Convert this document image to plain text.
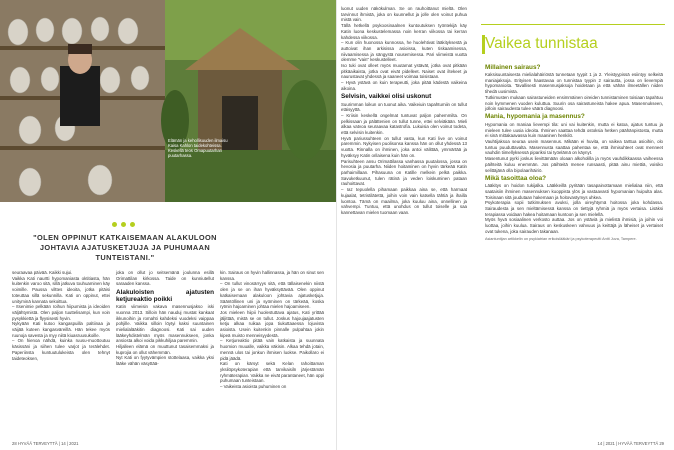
Elämän ja kehollisuuden ilmaisu Kaisa Kahlon taidekohteissa. Keskellä teos Omapuutarhan puutarhassa.
"OLEN OPPINUT KATKAISEMAAN ALAKULOON JOHTAVIA AJATUSKETJUJA JA PUHUMAAN TUNTEISTANI."

seuraavaa päivää. Kaikki sujui.

Vaikka Kati naurtti hypomaniasta oktitiasta, hän kuitenkin varoo sitä, sillä jatkuva touhuaminen käy voimille. Paussa vilttes ideoita, jotka pitäisi toteuttaa sillä sekunnilla. Kati on oppinut, ettei unityminä kannata sekoittua.

– Itsenimie pelkään roihun hiipumista ja ideoiden väljähtymistä. Olen paljon tuuttelisampi, kun voin pysykkiettä ja flyysisesti hyvin.

Nykyään Kati kutoo kangaspuilla paltiinaa ja väijää kuteen kangasväreillä. Hän tekee myös ruunoja savesta ja myy niitä kiuasruusukoille.

– On hienoa nähdä, kuinka ruusu-muottoutuu käsissäni ja siihen tulee varjot ja terälehdet. Paperiinsta kuntuutulukeista olen tehnyt taideteoksen,

joka on ollut jo seitsemänä joulunna esillä Orimattilan kirkossa. Taide on kunniutellut saraaden kanssa.

Alakuloisten ajatusten ketjureaktio poikki

Katin viimeisin vakava masennusjakso iski vuonna 2013. Silloin hän nauduj mustat kankaat ikkunoihin ja romahti kahdeksi vuodeksi vaippaa pohjille. Vaikka silloin löytyi kaksi suuntainen mielialalääkitin diagnoosi. Kati sai uuden lääkeyhdistelmän myös masennukseen, jonka ansiosta alkoi voida pikkuhiljaa paremmin.

Hiljalleen elämä on muuttunut tasaisemmaksi ja kuprojia on ollut vähemmän.

Nyt Kati on fyytyvämpien stottelaasa, vaikka yksi lääke vähän väsyttää-

kin. Sairaus on hyvin hallinnassa, ja hän on sinut sen kanssa.

– On tullut vinosärryys sitä, että tällaisenekin niistä olen ja se on ihan hyväksyttävää. Olen oppinut katkaisemaan alakuloon johtavia ajatusketjuja. Sääntöllinen uni ja syöminen on tärkeää, koska rytmin hajoaminen johtaa mielen hajoamiseen.

Jos mieleen hiipii huolestuttava ajatus, Kati yrittää jäljittää, mistä se on tullut. Joskus hajoujaajatusten ketju alkaa ruikaa jopa tiukuttaaessa lojuvista asioista. Usein kuitenkin pinnalle pulpahtaa jokin kipeä muisto menneisyydestä.

– Ketjureaktio pitää vain katkaista ja suunnata huomion muualle, vaikka väkisin. Alkaa tehdä jotain, mennä ulos tai jonkun ihmisen luokse. Paikollaro ei pidä jäädä.

Kati on kärsyt sekä Kelan rahoittaman yksilöpsykoterapian että tarvikaisiln järjestämän ryhmäterapian. Vaikka ne eivät parantaneet, hän oppi puhumaan tunteistaan.

– Vaikeista asioista puhuminen on

28 HYVÄÄ TERVEYTTÄ | 14 | 2021

luonut uuden näkökulman. Se on rauhoittanut mieltä. Olen tarvinnut ihmistä, joka on kuunnellut ja jolle olen voinut puhua mistä vain.

Tällä hetkellä psykoosinaalnen kuntoutuksen työntekijä käy Katin luona keskustelemassa noin kerran viikossa tai kerran kahdessa viikossa.

– Kun olin huonossa kunnossa, he huolehtivat lääkityksestä ja auttoivat ihan arkisissa asioissa, kuten tiskaamisessa, niivaamisessa ja sängystä nousemisessa. Pari viimeistä vuotta olemme "vain" keskustelleet.

Iso tuki ovat olleet myös muutamat ystävät, jotka ovat pitkään pitkäaikaista, jotka ovat eivät pidelleet. Naiset ovat iltekeet ja naurustavat yhdessä ja saaneet voimaa toisistaan.

– Hyvä ystävä on kuin terapeutti, joka pitää kädestä vaikeina aikoina.

Selvisin, vaikkei olisi uskonut

Suurimman loikun on tuonut aika. Vaikeiuin tapahtumiin on tullut etäisyyttä.

– Kriisin keskellä ongelmat tuntuvat paljon pahemmilta. On pelkissaan ja pälättenien on tullut tunne, ettei selviäkään. Mieli alkaa vatvoa seuraavaa katastrofia. Lukuisia olen voinut todeta, että selvisin kuitenkin.

Hyvä pariussuhteen on tullut vasta, kun Kati live on voinut paremmin. Nykyisen puolisonsa kanssa hän on ollut yhdessä 13 vuotta. Rinnalla on ihminen, joka antoi välittää, ymmärtää ja hyväksyy Katin orilaisena kuin hän on.

Parisuhteen ansu Orimattilassa vanhassa puutalossa, jossa on hevosia ja puutarha. Niiden hoitaminen on hyvin tärkeää Katin parhaimillaan. Pihasuuna on Katille melkein pelkä paikka. Savuketkuunut, tulen rätinä ja veden loiskuminen pataan rauhoittavat.

– Iaz tepuolella pihamaan paikkaa aina se, että harmaat kujaalat, tetristilätettä, joihin voin vain katsella tähtiä ja ihailla luontoa. Tämä on maailma, joka kuuluu aina, onnellinen ja vahvempi. Tuntuu, että unohdus on tullut toiselle ja saa kannettavan mielen tuomaan vaan.

Vaikea tunnistaa
Millainen sairaus?

Kaksisuuntaisesta mielialahäiriöstä tunnetaan tyypit 1 ja 2. Yleistyypissä esiintyy selkeitä maniajaksoja. Erityisen haastavaa on tunnistaa tyypin 2 sairautta, jossa on lievempiä hypomanioita. Tavallisesti masennusjaksoja hoidetaan ja että vähän ilmeetällen niiden tihedä uusimista.

Tutkimusten mukaan sairastuneiden ensimmäinen oireiden tunnistaminen toisiaan tapahtuu noin kymmenen vuoden kuluttua. Suurin osa sairastuneista hakee apua. Masennukseen, jolloin sairaudesta tulee väärä diagnoosi.

Mania, hypomania ja masennus?

Hypomania on maniaa lievempi tila: uni vai kuitenkin, mutta ei katoa, ajatus tuntuu ja mieleen tulee uusia ideoita. Ihminen saattaa tehdä ostoksia hetken päähänpistosta, mutta ei sinä mittakaavassa kuin maaninen henkilö.

Vauhtijaksoa seuraa usein masennus. Mikään ei huvita, on vaikea tarttua asioihin, olo tuntuu puuduttavalta. Masennusta saattaa pahentaa se, että ihmisuhteet ovat menneet vauhdin tiimellyksessä pipariksi tai työelämä on käynyt.

Masentunut pyrki joskus lievittämään oloaan alkoholilla ja myös vauhdikkaassa vaiheessa päihteitä kuluu enemmän. Jos päihteitä menee runsaasti, pitää ainu miettiä, voisiko selittäjänä olla bipolaarihäiriö.

Mikä tasoittaa oloa?

Lääkitys on hoidon tukijalka. Lääkkeillä pyritään tasapainottamaan mielialaa niin, että saataisiin ihminen masennuksen kuoppista ylös ja vastaavasti hypomanian huipulta alas. Toisinaan sitä joudutaan hakemaan ja hoitovastymys uhkea.

Psykoterapia sopii tutkimuksen avuksi, jolla oireyhtymä hoitossa joka kohdassa. Sairaudesta ja sen mieltämisessä kanssa on tiettyjä ryhmiä ja myös vertaisa. Lisäksi terapiassa voidaan hakea hoitamaan kuntoon ja sen mielellä.

Myös hyvä sosiaalinen verkosto auttaa. Jos on ystäviä ja mielistä ihmisiä, ja joihin voi luottaa, joihin kuulua. Sairaus on keskuskeen vahvuus ja keittäjä ja läheiset ja vertaiset ovat tukena, joka sairauden takanaan.

Asiantuntijan artikkelin on psykiatrian erikoislääkäri ja psykoterapeutti Antti Juva, Tampere.

14 | 2021 | HYVÄÄ TERVEYTTÄ 29
